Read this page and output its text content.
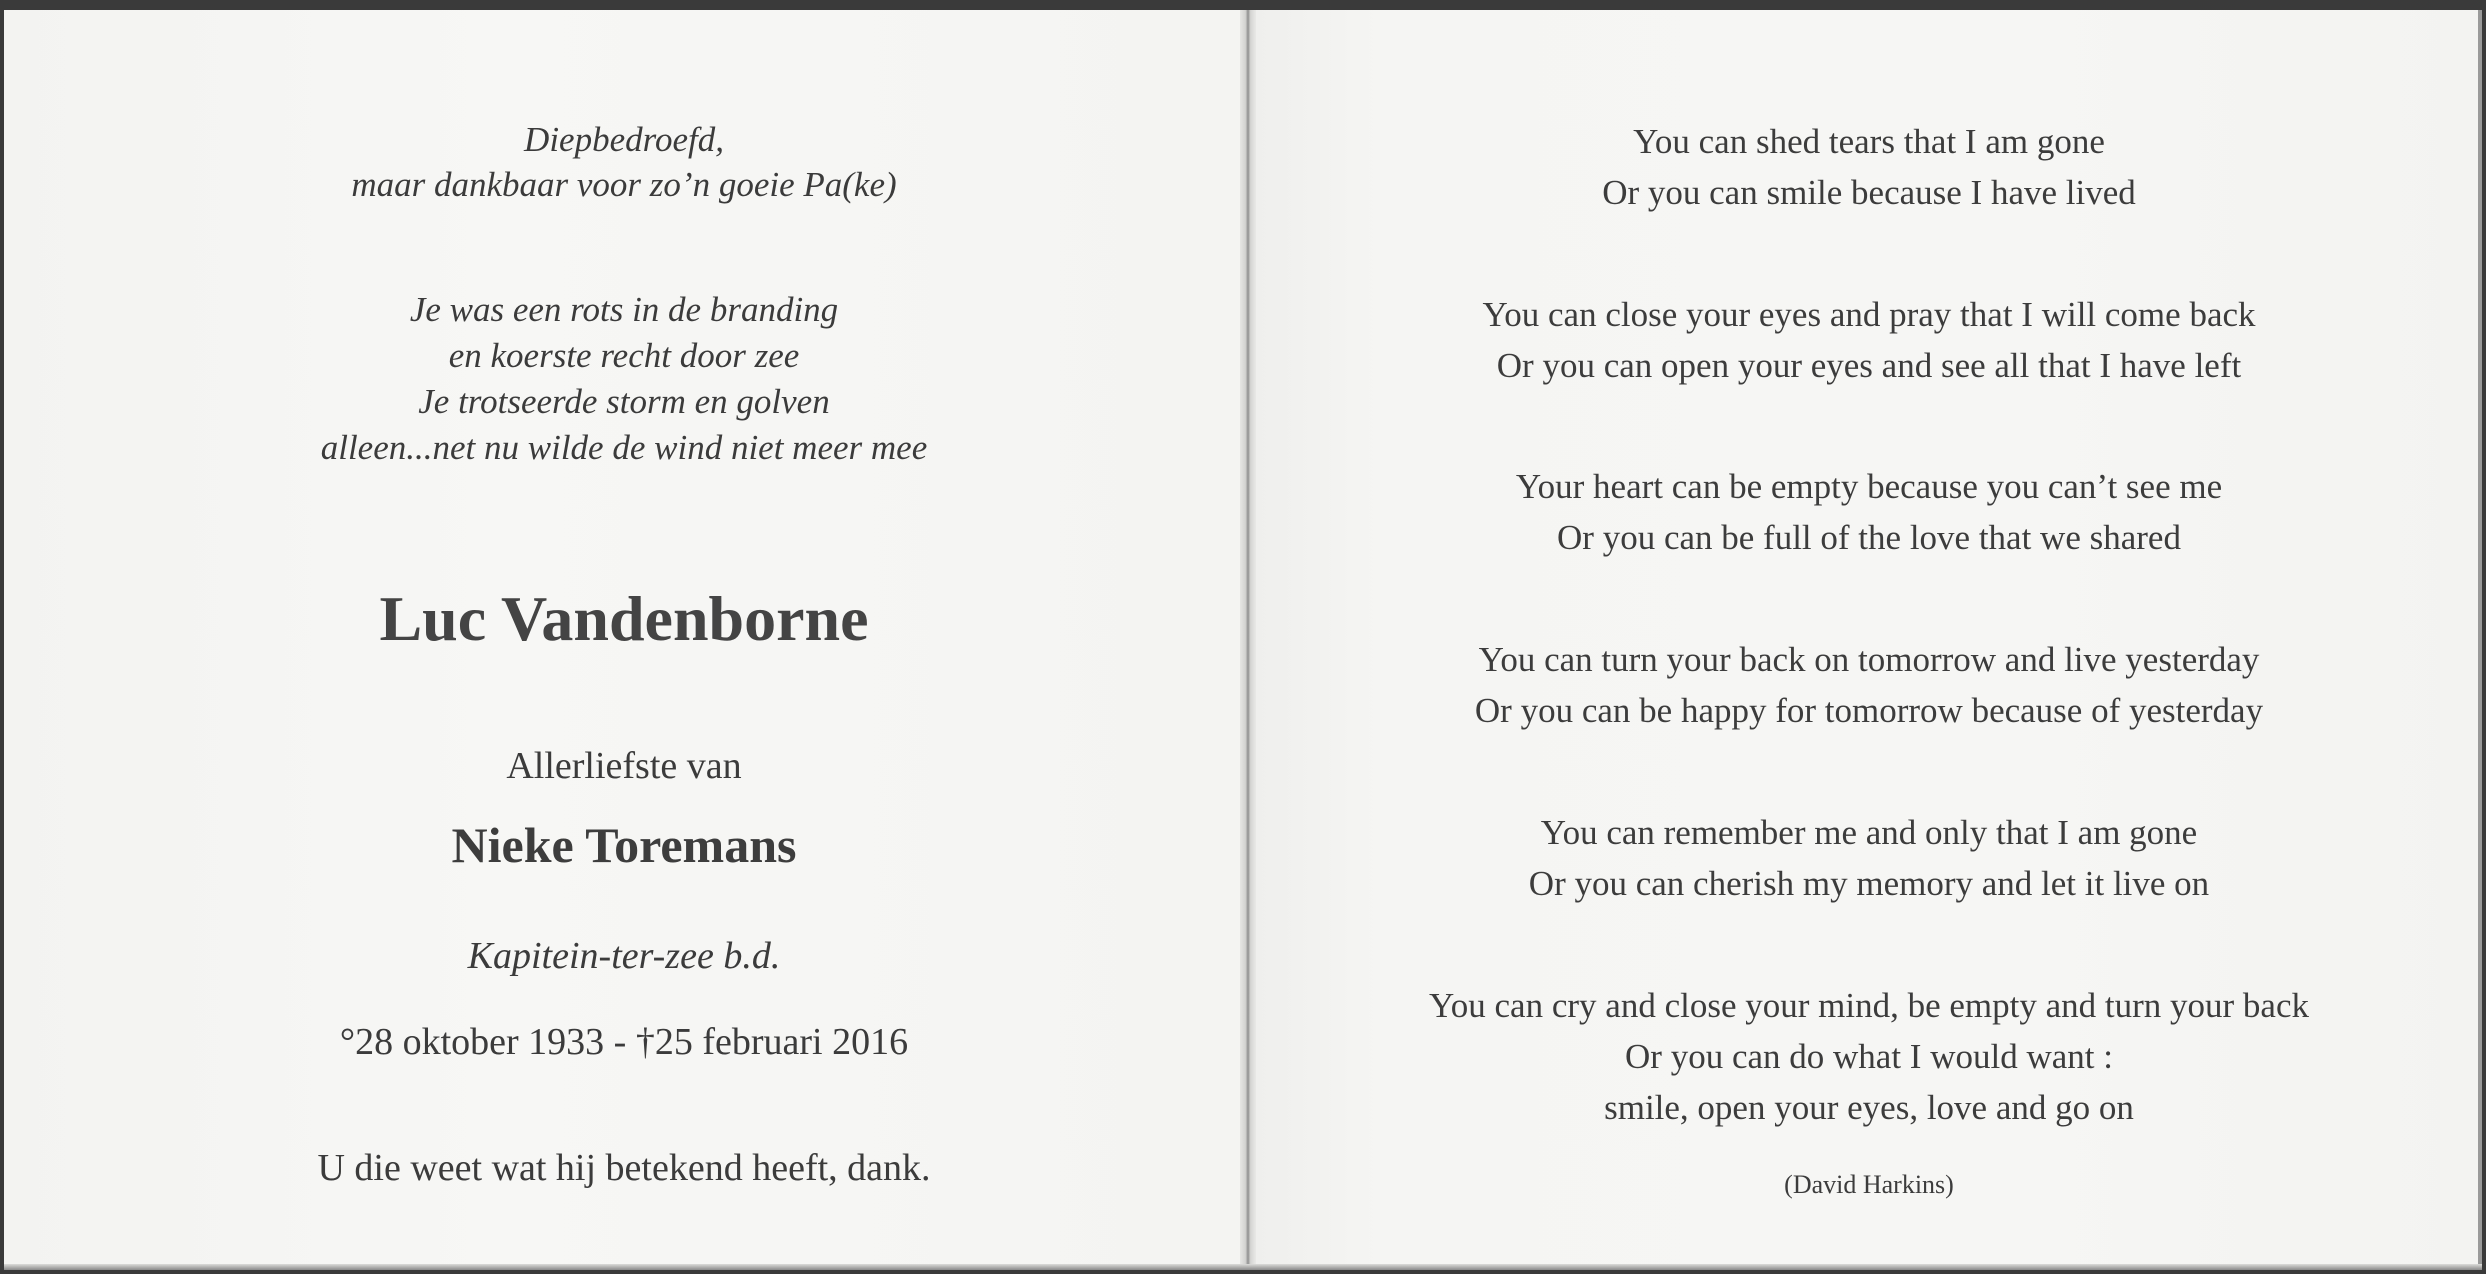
Diepbedroefd,
maar dankbaar voor zo’n goeie Pa(ke)
Je was een rots in de branding
en koerste recht door zee
Je trotseerde storm en golven
alleen...net nu wilde de wind niet meer mee
Luc Vandenborne
Allerliefste van
Nieke Toremans
Kapitein-ter-zee b.d.
°28 oktober 1933 - †25 februari 2016
U die weet wat hij betekend heeft, dank.
You can shed tears that I am gone
Or you can smile because I have lived
You can close your eyes and pray that I will come back
Or you can open your eyes and see all that I have left
Your heart can be empty because you can’t see me
Or you can be full of the love that we shared
You can turn your back on tomorrow and live yesterday
Or you can be happy for tomorrow because of yesterday
You can remember me and only that I am gone
Or you can cherish my memory and let it live on
You can cry and close your mind, be empty and turn your back
Or you can do what I would want :
smile, open your eyes, love and go on
(David Harkins)
